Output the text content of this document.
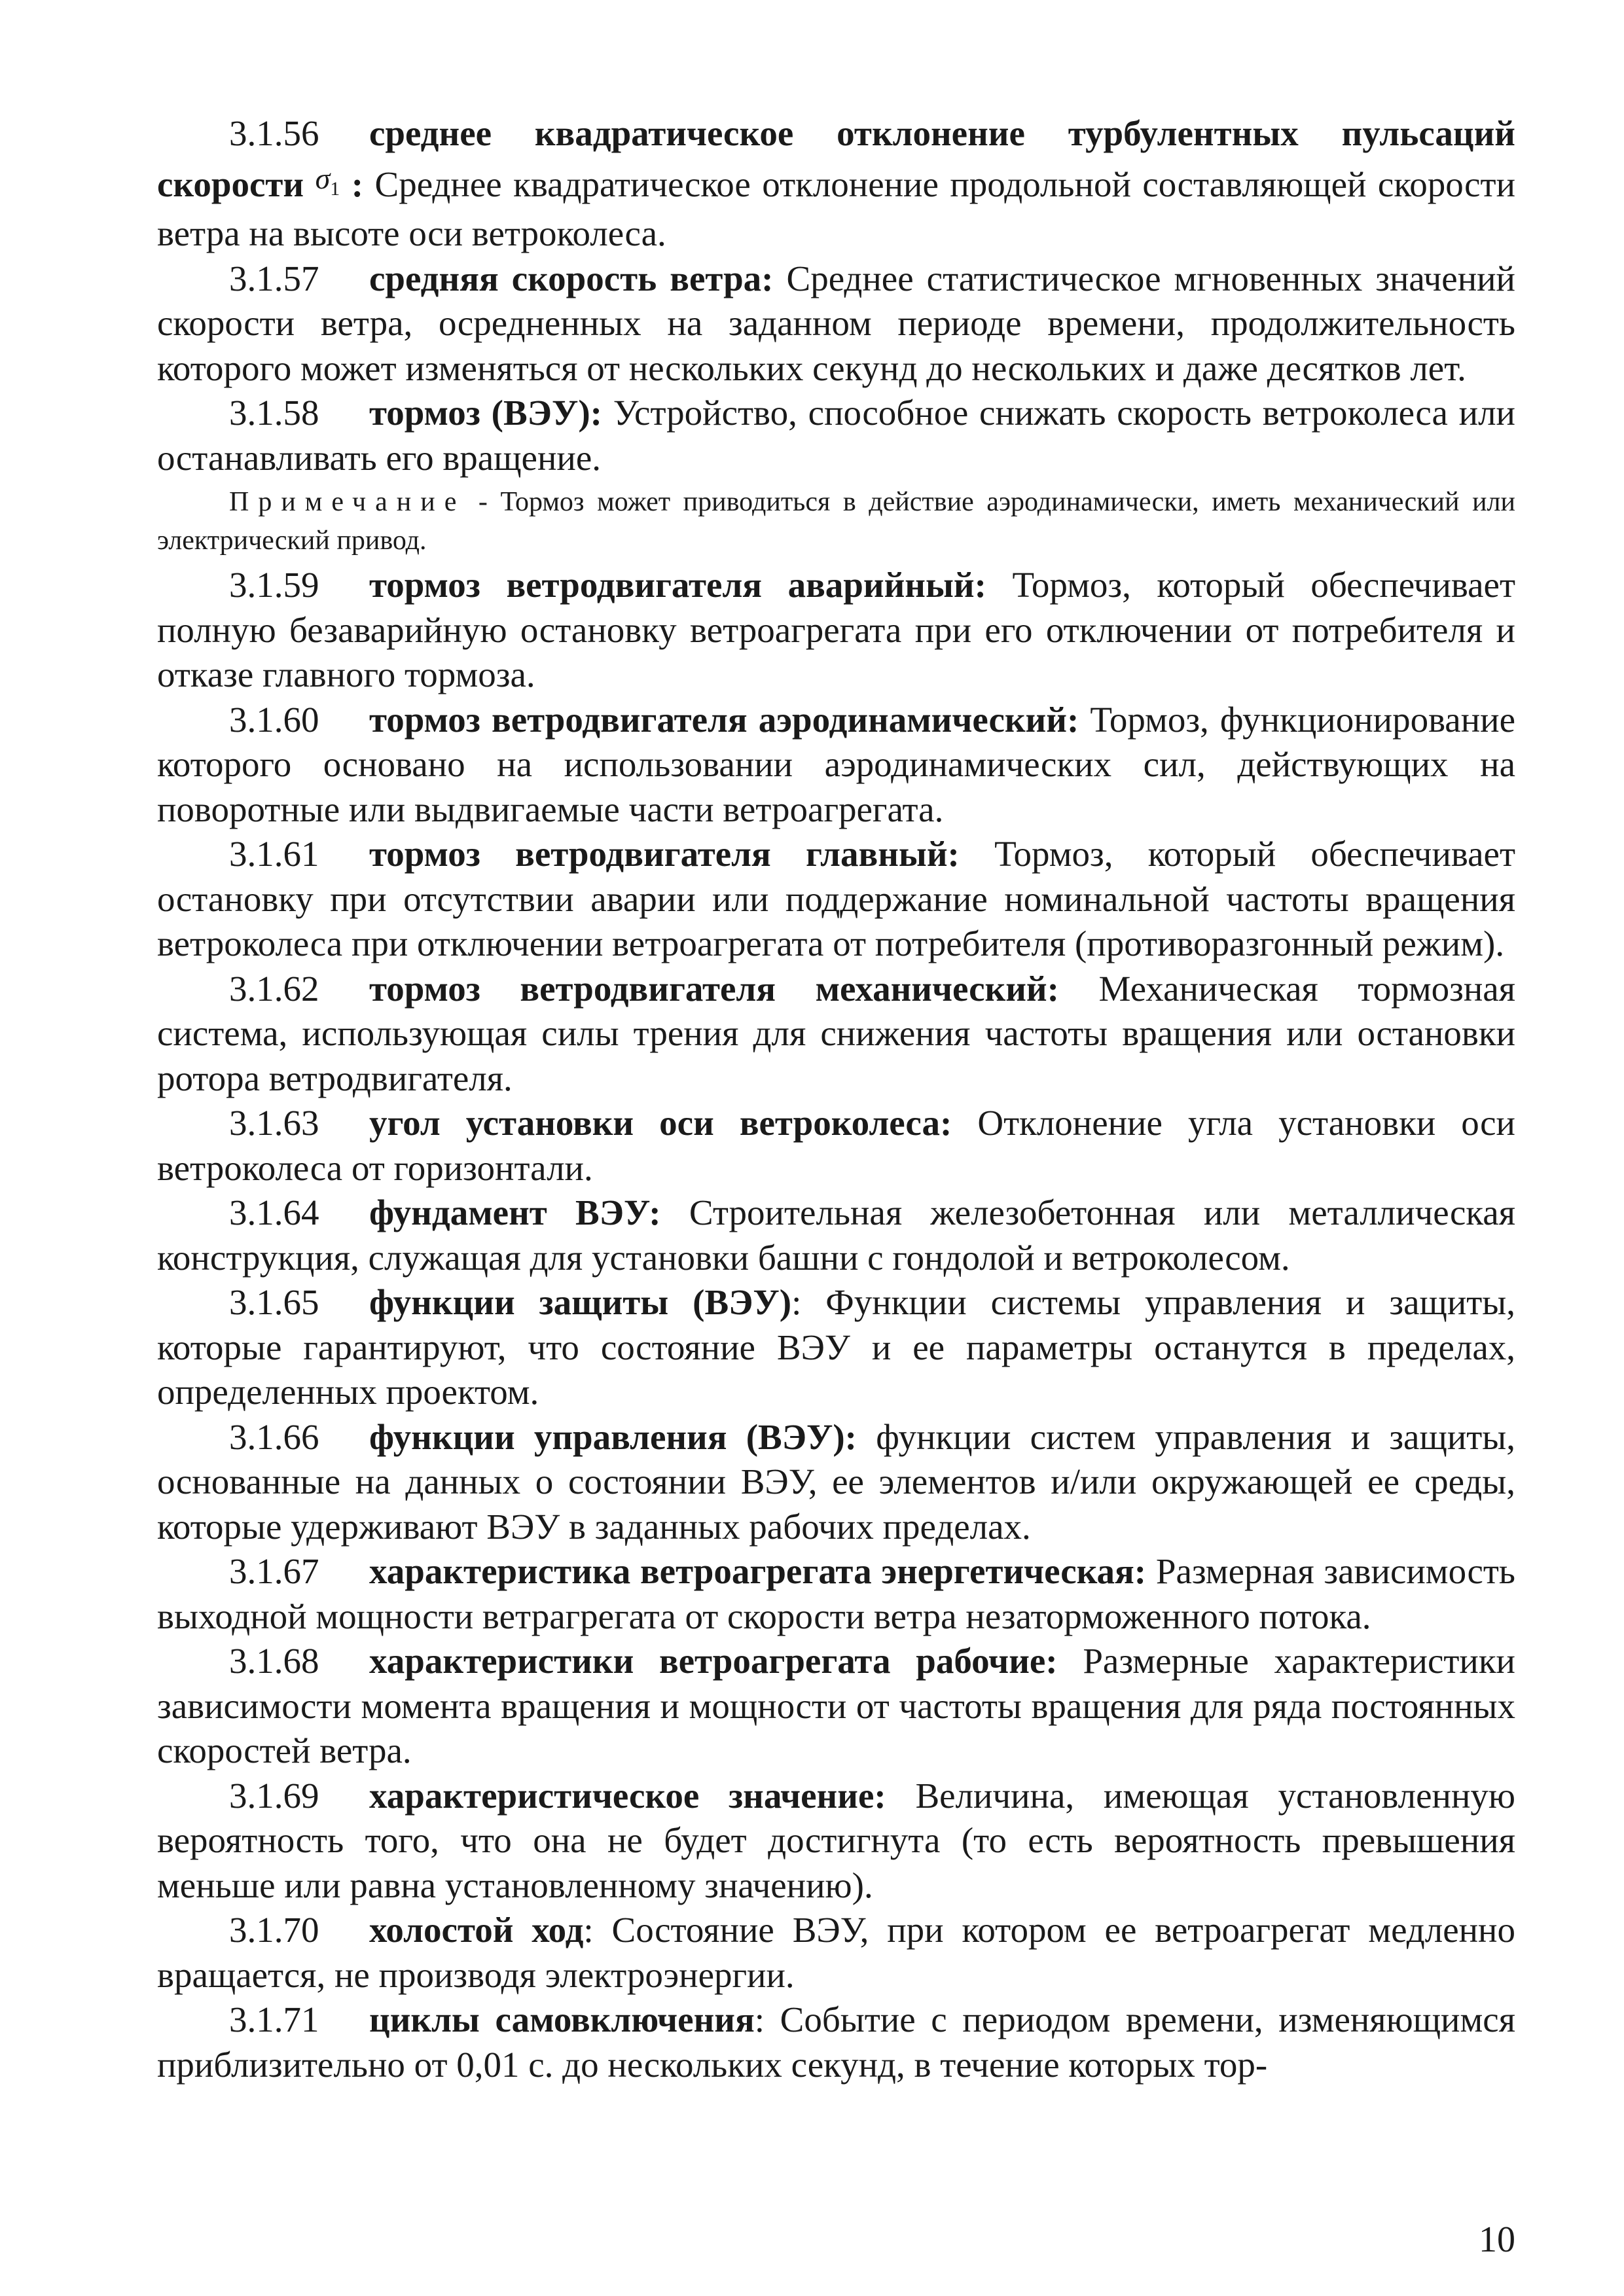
3.1.56 среднее квадратическое отклонение турбулентных пульсаций скорости $^{\sigma_1}$ : Среднее квадратическое отклонение продольной составляющей скорости ветра на высоте оси ветроколеса.

3.1.57 средняя скорость ветра: Среднее статистическое мгновенных значений скорости ветра, осредненных на заданном периоде времени, продолжительность которого может изменяться от нескольких секунд до нескольких и даже десятков лет.

3.1.58 тормоз (ВЭУ): Устройство, способное снижать скорость ветроколеса или останавливать его вращение.

Примечание - Тормоз может приводиться в действие аэродинамически, иметь механический или электрический привод.

3.1.59 тормоз ветродвигателя аварийный: Тормоз, который обеспечивает полную безаварийную остановку ветроагрегата при его отключении от потребителя и отказе главного тормоза.

3.1.60 тормоз ветродвигателя аэродинамический: Тормоз, функционирование которого основано на использовании аэродинамических сил, действующих на поворотные или выдвигаемые части ветроагрегата.

3.1.61 тормоз ветродвигателя главный: Тормоз, который обеспечивает остановку при отсутствии аварии или поддержание номинальной частоты вращения ветроколеса при отключении ветроагрегата от потребителя (противоразгонный режим).

3.1.62 тормоз ветродвигателя механический: Механическая тормозная система, использующая силы трения для снижения частоты вращения или остановки ротора ветродвигателя.

3.1.63 угол установки оси ветроколеса: Отклонение угла установки оси ветроколеса от горизонтали.

3.1.64 фундамент ВЭУ: Строительная железобетонная или металлическая конструкция, служащая для установки башни с гондолой и ветроколесом.

3.1.65 функции защиты (ВЭУ): Функции системы управления и защиты, которые гарантируют, что состояние ВЭУ и ее параметры останутся в пределах, определенных проектом.

3.1.66 функции управления (ВЭУ): функции систем управления и защиты, основанные на данных о состоянии ВЭУ, ее элементов и/или окружающей ее среды, которые удерживают ВЭУ в заданных рабочих пределах.

3.1.67 характеристика ветроагрегата энергетическая: Размерная зависимость выходной мощности ветрагрегата от скорости ветра незаторможенного потока.

3.1.68 характеристики ветроагрегата рабочие: Размерные характеристики зависимости момента вращения и мощности от частоты вращения для ряда постоянных скоростей ветра.

3.1.69 характеристическое значение: Величина, имеющая установленную вероятность того, что она не будет достигнута (то есть вероятность превышения меньше или равна установленному значению).

3.1.70 холостой ход: Состояние ВЭУ, при котором ее ветроагрегат медленно вращается, не производя электроэнергии.

3.1.71 циклы самовключения: Событие с периодом времени, изменяющимся приблизительно от 0,01 с. до нескольких секунд, в течение которых тор-

10
